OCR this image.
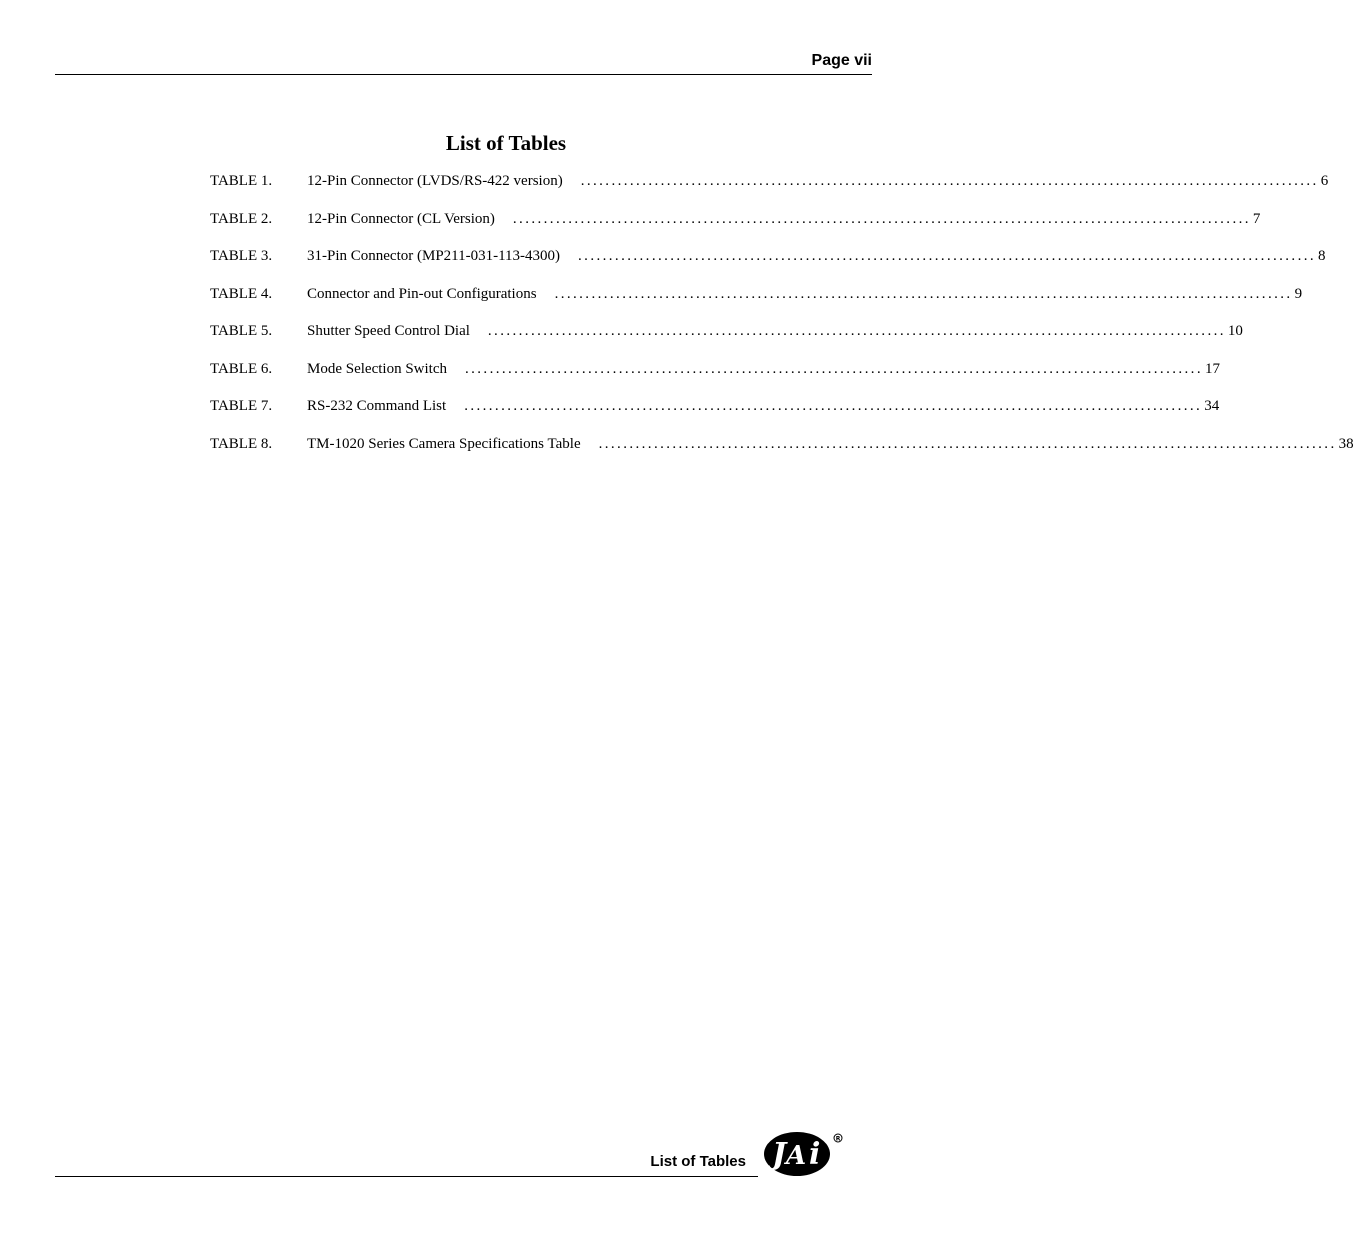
Page vii
List of Tables
TABLE 1.	12-Pin Connector (LVDS/RS-422 version)	........................................................................................................................ 6
TABLE 2.	12-Pin Connector (CL Version)	........................................................................................................................ 7
TABLE 3.	31-Pin Connector (MP211-031-113-4300)	........................................................................................................................ 8
TABLE 4.	Connector and Pin-out Configurations	........................................................................................................................ 9
TABLE 5.	Shutter Speed Control Dial	........................................................................................................................ 10
TABLE 6.	Mode Selection Switch	........................................................................................................................ 17
TABLE 7.	RS-232 Command List	........................................................................................................................ 34
TABLE 8.	TM-1020 Series Camera Specifications Table	........................................................................................................................ 38
List of Tables J A i	R
